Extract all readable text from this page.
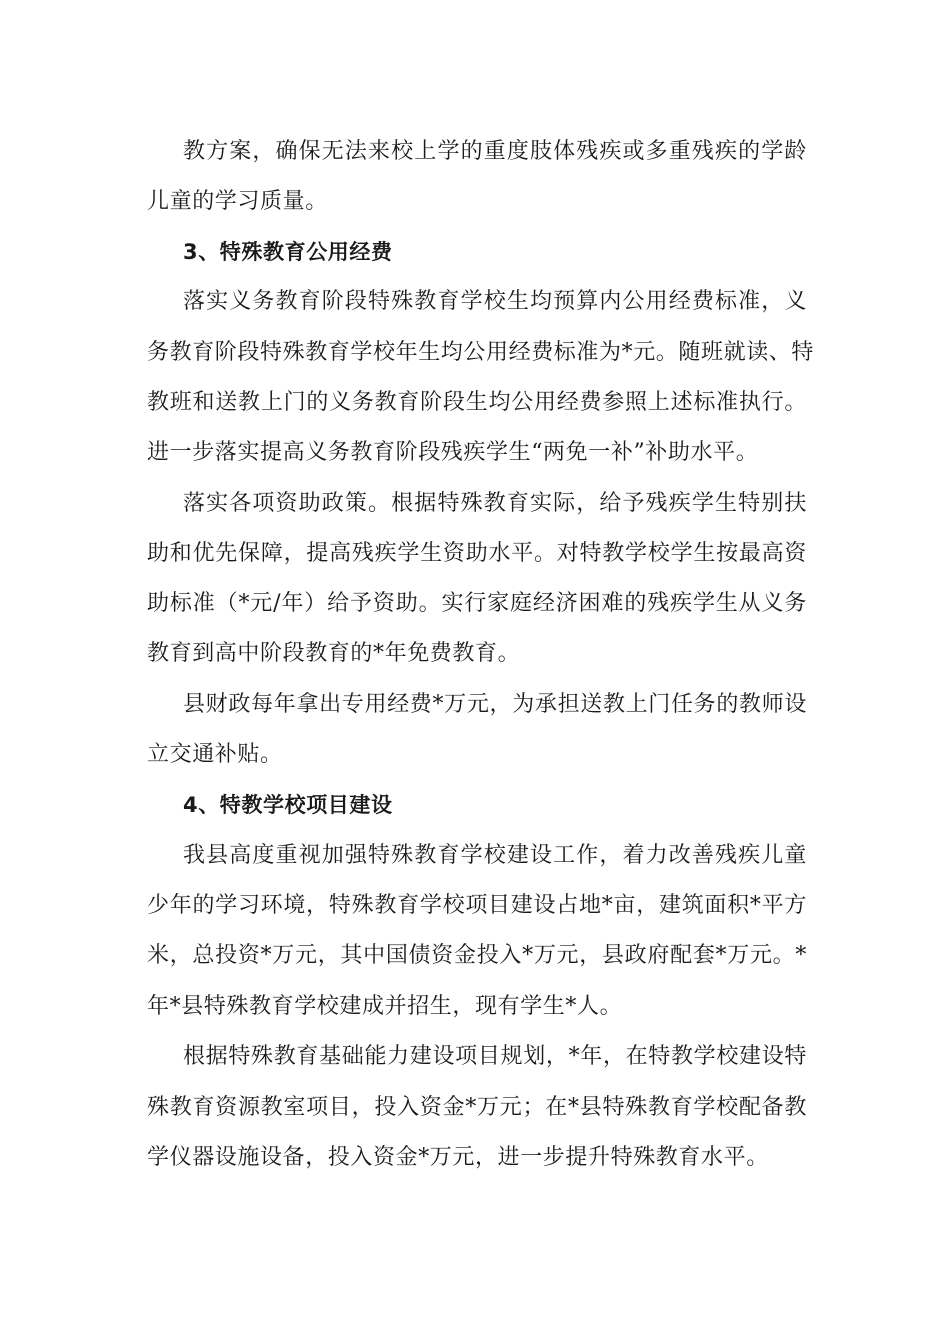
教方案，确保无法来校上学的重度肢体残疾或多重残疾的学龄
儿童的学习质量。
3、特殊教育公用经费
落实义务教育阶段特殊教育学校生均预算内公用经费标准，义
务教育阶段特殊教育学校年生均公用经费标准为*元。随班就读、特
教班和送教上门的义务教育阶段生均公用经费参照上述标准执行。
进一步落实提高义务教育阶段残疾学生“两免一补”补助水平。
落实各项资助政策。根据特殊教育实际，给予残疾学生特别扶
助和优先保障，提高残疾学生资助水平。对特教学校学生按最高资
助标准（*元/年）给予资助。实行家庭经济困难的残疾学生从义务
教育到高中阶段教育的*年免费教育。
县财政每年拿出专用经费*万元，为承担送教上门任务的教师设
立交通补贴。
4、特教学校项目建设
我县高度重视加强特殊教育学校建设工作，着力改善残疾儿童
少年的学习环境，特殊教育学校项目建设占地*亩，建筑面积*平方
米，总投资*万元，其中国债资金投入*万元，县政府配套*万元。*
年*县特殊教育学校建成并招生，现有学生*人。
根据特殊教育基础能力建设项目规划，*年，在特教学校建设特
殊教育资源教室项目，投入资金*万元；在*县特殊教育学校配备教
学仪器设施设备，投入资金*万元，进一步提升特殊教育水平。
